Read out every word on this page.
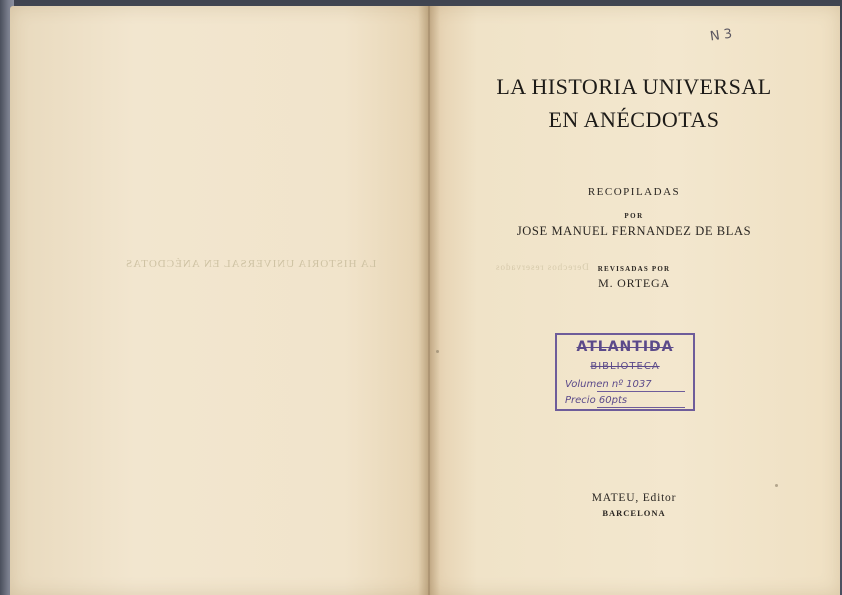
LA HISTORIA UNIVERSAL EN ANÉCDOTAS	Derechos reservados
N 3
LA HISTORIA UNIVERSAL
EN ANÉCDOTAS
RECOPILADAS
POR
JOSE MANUEL FERNANDEZ DE BLAS
REVISADAS POR
M. ORTEGA
ATLANTIDA
BIBLIOTECA
Volumen nº 1037
Precio 60pts
MATEU, Editor
BARCELONA
